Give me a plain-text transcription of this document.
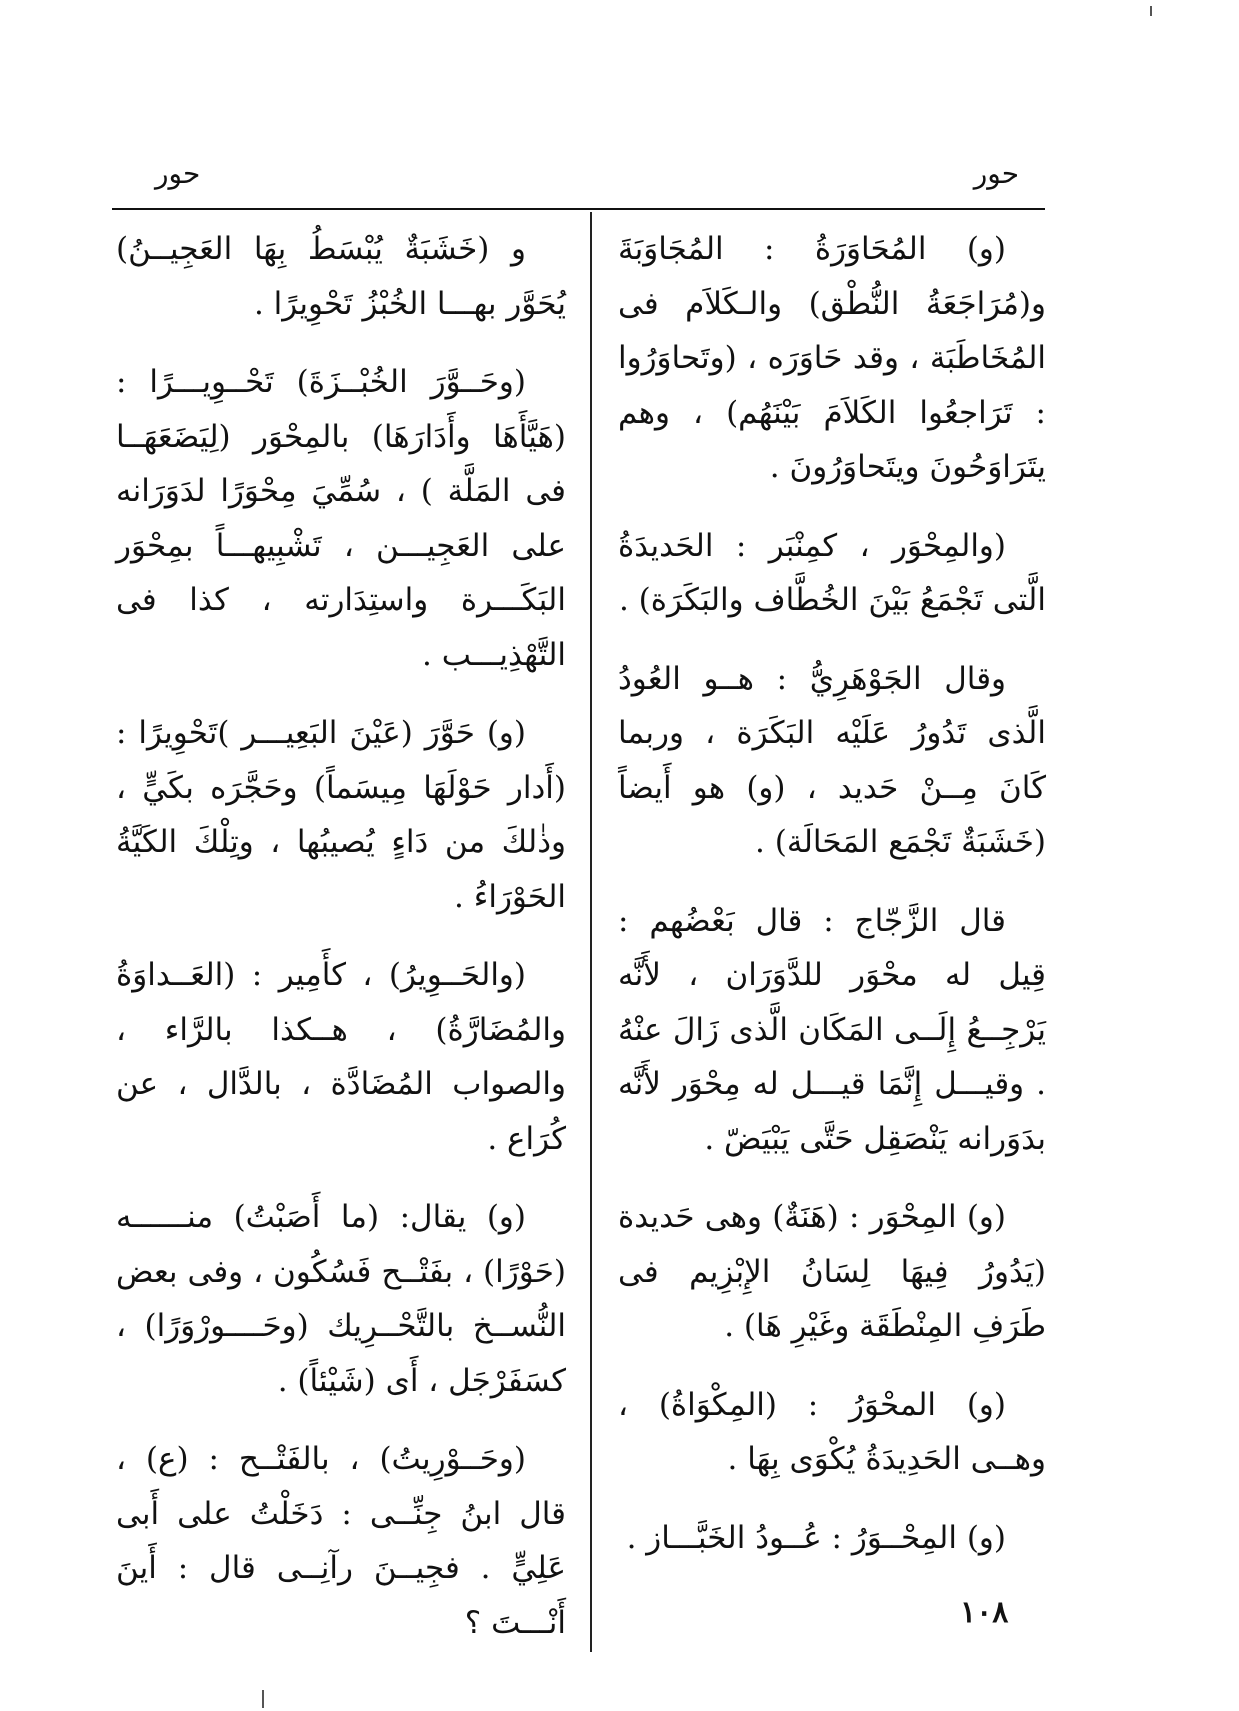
حور
حور

(و) المُحَاوَرَةُ : المُجَاوَبَةَ و(مُرَاجَعَةُ النُّطْق) والـكَلاَم فى المُخَاطَبَة ، وقد حَاوَرَه ، (وتَحاوَرُوا : تَرَاجعُوا الكَلاَمَ بَيْنَهُم) ، وهم يتَرَاوَحُونَ ويتَحاوَرُونَ .

(والمِحْوَر ، كمِنْبَر : الحَديدَةُ الَّتى تَجْمَعُ بَيْنَ الخُطَّاف والبَكَرَة) .

وقال الجَوْهَرِيُّ : هــو العُودُ الَّذى تَدُورُ عَلَيْه البَكَرَة ، وربما كَانَ مِــنْ حَديد ، (و) هو أَيضاً (خَشَبَةٌ تَجْمَع المَحَالَة) .

قال الزَّجّاج : قال بَعْضُهم : قِيل له محْوَر للدَّوَرَان ، لأَنَّه يَرْجِــعُ إِلَــى المَكَان الَّذى زَالَ عنْهُ . وقيـــل إِنَّمَا قيـــل له مِحْوَر لأَنَّه بدَوَرانه يَنْصَقِل حَتَّى يَبْيَضّ .

(و) المِحْوَر : (هَنَةٌ) وهى حَديدة (يَدُورُ فِيهَا لِسَانُ الإِبْزِيم فى طَرَفِ المِنْطَقَة وغَيْرِ هَا) .

(و) المحْوَرُ : (المِكْوَاةُ) ، وهــى الحَدِيدَةُ يُكْوَى بِهَا .

(و) المِحْــوَرُ : عُــودُ الخَبَّـــاز .

و (خَشَبَةٌ يُبْسَطُ بِهَا العَجِيــنُ) يُحَوَّر بهـــا الخُبْزُ تَحْوِيرًا .

(وحَــوَّرَ الخُبْــزَةَ) تَحْــوِيـــرًا : (هَيَّأَهَا وأَدَارَهَا) بالمِحْوَر (لِيَضَعَهَــا فى المَلَّة ) ، سُمِّيَ مِحْوَرًا لدَوَرَانه على العَجِيـــن ، تَشْبِيهـــاً بمِحْوَر البَكَـــرة واستِدَارته ، كذا فى التَّهْذِيـــب .

(و) حَوَّرَ (عَيْنَ البَعِيـــر )تَحْوِيرًا : (أَدار حَوْلَهَا مِيسَماً) وحَجَّرَه بكَيٍّ ، وذٰلكَ من دَاءٍ يُصيبُها ، وتِلْكَ الكَيَّةُ الحَوْرَاءُ .

(والحَــوِيرُ) ، كأَمِير : (العَــداوَةُ والمُضَارَّةُ) ، هــكذا بالرَّاء ، والصواب المُضَادَّة ، بالدَّال ، عن كُرَاع .

(و) يقال: (ما أَصَبْتُ) منــــــه (حَوْرًا) ، بفَتْــح فَسُكُون ، وفى بعض النُّســخ بالتَّحْــرِيك (وحَــــورْوَرًا) ، كسَفَرْجَل ، أَى (شَيْئاً) .

(وحَــوْرِيتُ) ، بالفَتْــح : (ع) ، قال ابنُ جِنِّــى : دَخَلْتُ على أَبى عَلِيٍّ . فجِيــنَ رآنِــى قال : أَينَ أَنْـــتَ ؟	١٠٨
